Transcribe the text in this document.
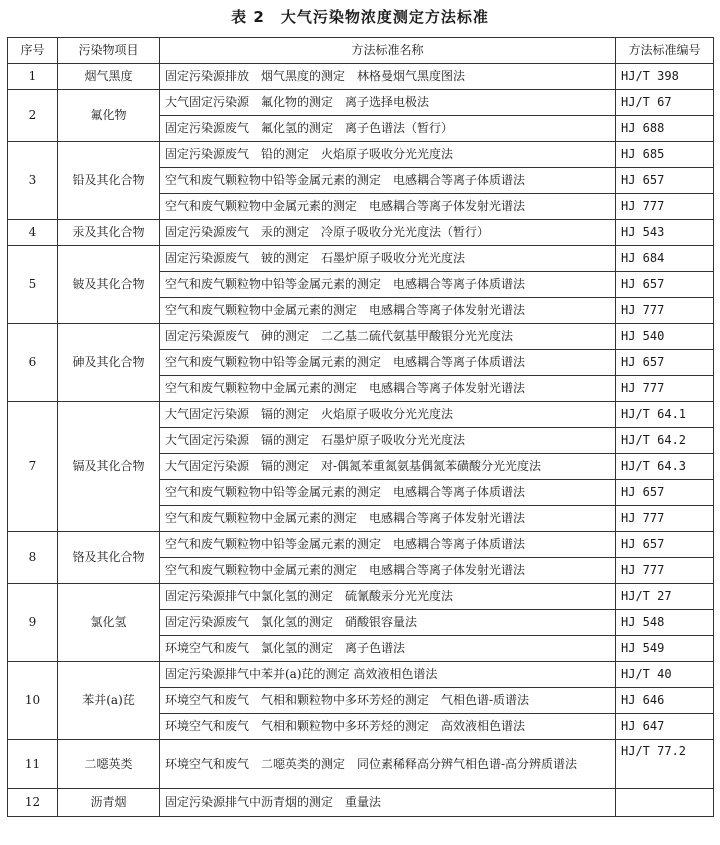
表 2　大气污染物浓度测定方法标准
序号	污染物项目	方法标准名称	方法标准编号
1	烟气黑度	固定污染源排放　烟气黑度的测定　林格曼烟气黑度图法	HJ/T 398
2	氟化物	大气固定污染源　氟化物的测定　离子选择电极法	HJ/T 67
		固定污染源废气　氟化氢的测定　离子色谱法（暂行）	HJ 688
3	铅及其化合物	固定污染源废气　铅的测定　火焰原子吸收分光光度法	HJ 685
		空气和废气颗粒物中铅等金属元素的测定　电感耦合等离子体质谱法	HJ 657
		空气和废气颗粒物中金属元素的测定　电感耦合等离子体发射光谱法	HJ 777
4	汞及其化合物	固定污染源废气　汞的测定　冷原子吸收分光光度法（暂行）	HJ 543
5	铍及其化合物	固定污染源废气　铍的测定　石墨炉原子吸收分光光度法	HJ 684
		空气和废气颗粒物中铅等金属元素的测定　电感耦合等离子体质谱法	HJ 657
		空气和废气颗粒物中金属元素的测定　电感耦合等离子体发射光谱法	HJ 777
6	砷及其化合物	固定污染源废气　砷的测定　二乙基二硫代氨基甲酸银分光光度法	HJ 540
		空气和废气颗粒物中铅等金属元素的测定　电感耦合等离子体质谱法	HJ 657
		空气和废气颗粒物中金属元素的测定　电感耦合等离子体发射光谱法	HJ 777
7	镉及其化合物	大气固定污染源　镉的测定　火焰原子吸收分光光度法	HJ/T 64.1
		大气固定污染源　镉的测定　石墨炉原子吸收分光光度法	HJ/T 64.2
		大气固定污染源　镉的测定　对-偶氮苯重氮氨基偶氮苯磺酸分光光度法	HJ/T 64.3
		空气和废气颗粒物中铅等金属元素的测定　电感耦合等离子体质谱法	HJ 657
		空气和废气颗粒物中金属元素的测定　电感耦合等离子体发射光谱法	HJ 777
8	铬及其化合物	空气和废气颗粒物中铅等金属元素的测定　电感耦合等离子体质谱法	HJ 657
		空气和废气颗粒物中金属元素的测定　电感耦合等离子体发射光谱法	HJ 777
9	氯化氢	固定污染源排气中氯化氢的测定　硫氰酸汞分光光度法	HJ/T 27
		固定污染源废气　氯化氢的测定　硝酸银容量法	HJ 548
		环境空气和废气　氯化氢的测定　离子色谱法	HJ 549
10	苯并(a)芘	固定污染源排气中苯并(a)芘的测定 高效液相色谱法	HJ/T 40
		环境空气和废气　气相和颗粒物中多环芳烃的测定　气相色谱-质谱法	HJ 646
		环境空气和废气　气相和颗粒物中多环芳烃的测定　高效液相色谱法	HJ 647
11	二噁英类	环境空气和废气　二噁英类的测定　同位素稀释高分辨气相色谱-高分辨质谱法	HJ/T 77.2
12	沥青烟	固定污染源排气中沥青烟的测定　重量法	
